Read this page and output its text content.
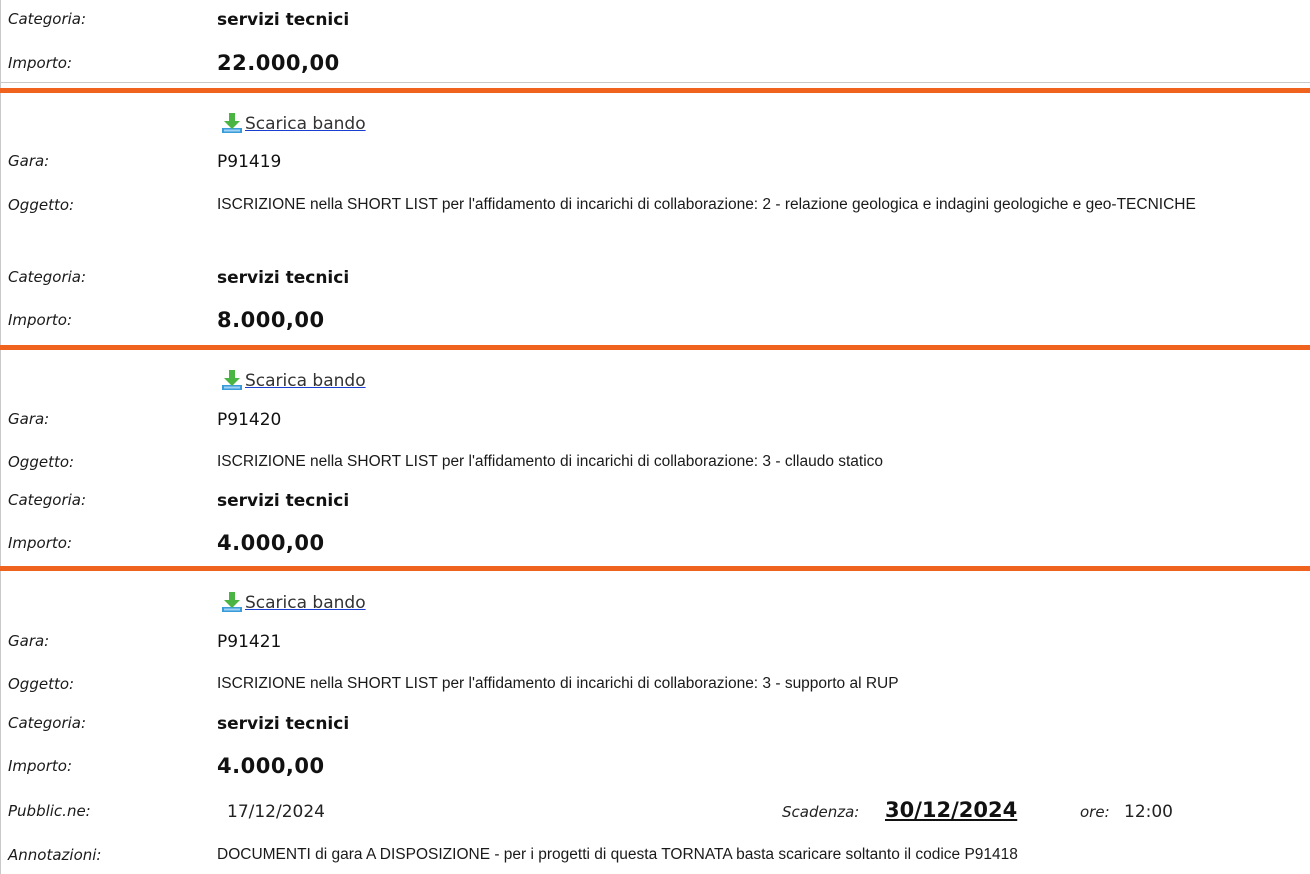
Categoria:	servizi tecnici
Importo:	22.000,00
Scarica bando
Gara:	P91419
Oggetto:	ISCRIZIONE nella SHORT LIST per l'affidamento di incarichi di collaborazione: 2 - relazione geologica e indagini geologiche e geo-TECNICHE
Categoria:	servizi tecnici
Importo:	8.000,00
Scarica bando
Gara:	P91420
Oggetto:	ISCRIZIONE nella SHORT LIST per l'affidamento di incarichi di collaborazione: 3 - cllaudo statico
Categoria:	servizi tecnici
Importo:	4.000,00
Scarica bando
Gara:	P91421
Oggetto:	ISCRIZIONE nella SHORT LIST per l'affidamento di incarichi di collaborazione: 3 - supporto al RUP
Categoria:	servizi tecnici
Importo:	4.000,00
Pubblic.ne:	17/12/2024	Scadenza: 30/12/2024	ore: 12:00
Annotazioni:	DOCUMENTI di gara A DISPOSIZIONE - per i progetti di questa TORNATA basta scaricare soltanto il codice P91418
